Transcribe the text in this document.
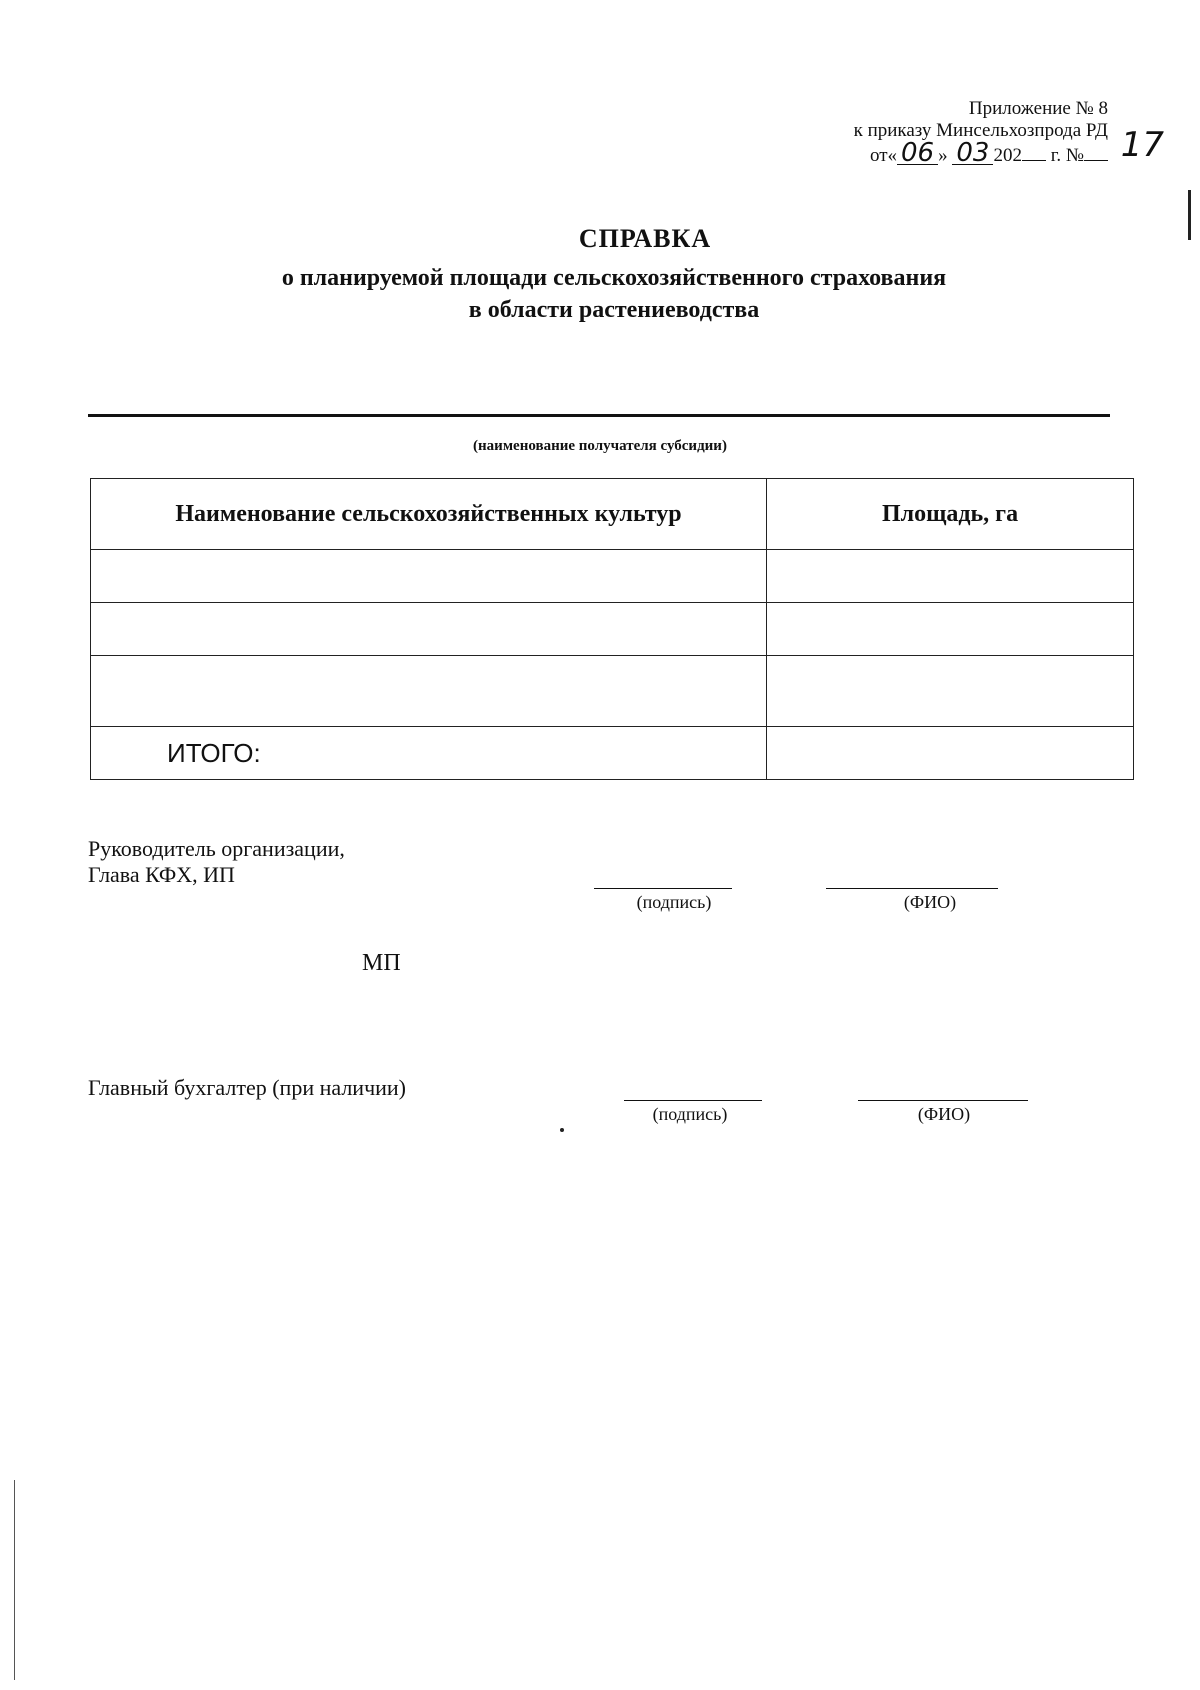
Приложение № 8
к приказу Минсельхозпрода РД
от« 06 » 03 202 г. №	17
СПРАВКА
о планируемой площади сельскохозяйственного страхования
в области растениеводства
(наименование получателя субсидии)
Наименование сельскохозяйственных культур	Площадь, га

ИТОГО:	
Руководитель организации,
Глава КФХ, ИП
(подпись)	(ФИО)
МП
Главный бухгалтер (при наличии)
(подпись)	(ФИО)
